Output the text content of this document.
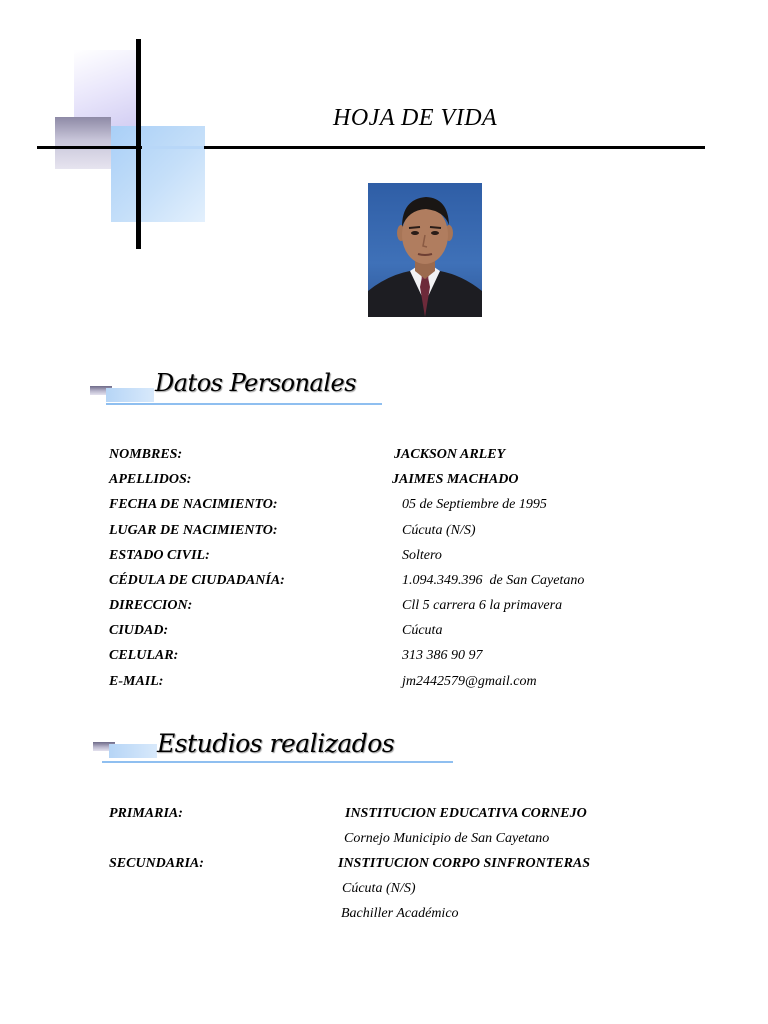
HOJA DE VIDA
Datos Personales
NOMBRES:	JACKSON ARLEY
APELLIDOS:	JAIMES MACHADO
FECHA DE NACIMIENTO:	05 de Septiembre de 1995
LUGAR DE NACIMIENTO:	Cúcuta (N/S)
ESTADO CIVIL:	Soltero
CÉDULA DE CIUDADANÍA:	1.094.349.396  de San Cayetano
DIRECCION:	Cll 5 carrera 6 la primavera
CIUDAD:	Cúcuta
CELULAR:	313 386 90 97
E-MAIL:	jm2442579@gmail.com
Estudios realizados
PRIMARIA:	INSTITUCION EDUCATIVA CORNEJO
Cornejo Municipio de San Cayetano
SECUNDARIA:	INSTITUCION CORPO SINFRONTERAS
Cúcuta (N/S)
Bachiller Académico
